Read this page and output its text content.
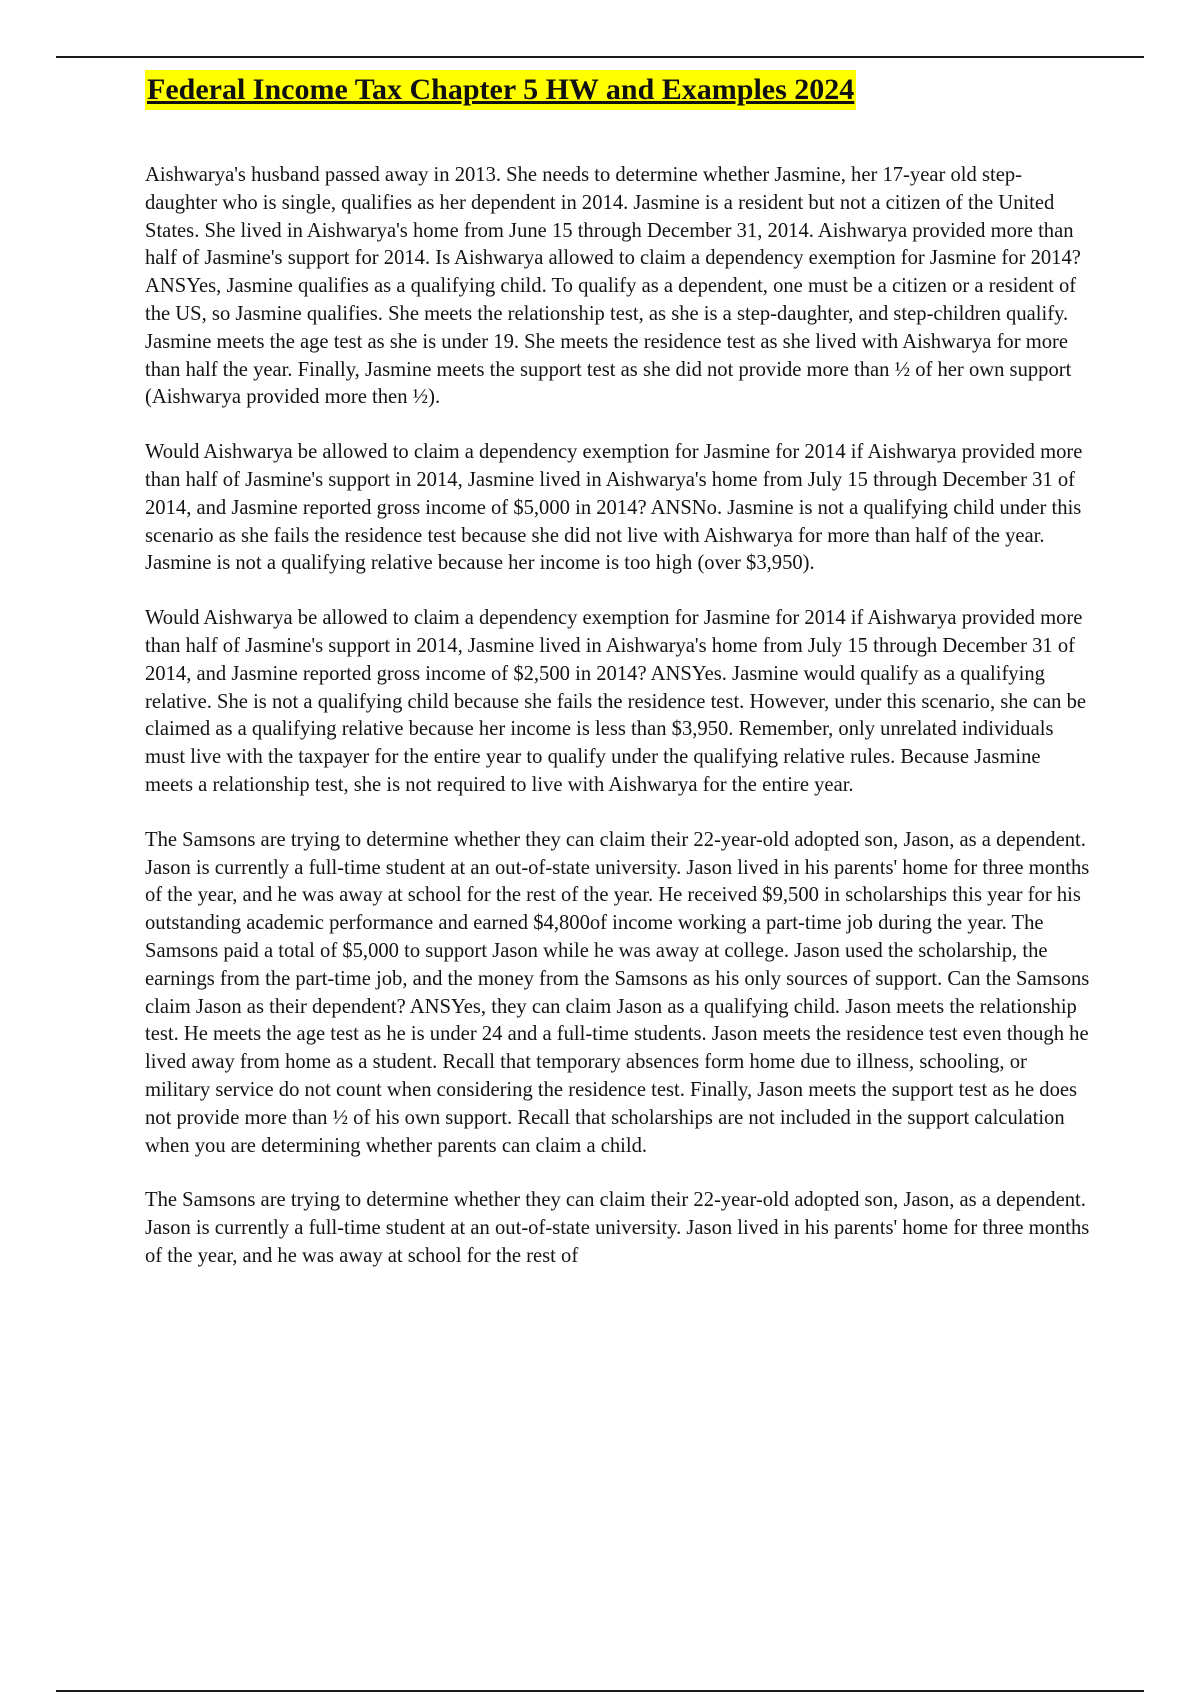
Federal Income Tax Chapter 5 HW and Examples 2024

Aishwarya's husband passed away in 2013. She needs to determine whether Jasmine, her 17-year old step-daughter who is single, qualifies as her dependent in 2014. Jasmine is a resident but not a citizen of the United States. She lived in Aishwarya's home from June 15 through December 31, 2014. Aishwarya provided more than half of Jasmine's support for 2014. Is Aishwarya allowed to claim a dependency exemption for Jasmine for 2014? ANSYes, Jasmine qualifies as a qualifying child. To qualify as a dependent, one must be a citizen or a resident of the US, so Jasmine qualifies. She meets the relationship test, as she is a step-daughter, and step-children qualify. Jasmine meets the age test as she is under 19. She meets the residence test as she lived with Aishwarya for more than half the year. Finally, Jasmine meets the support test as she did not provide more than ½ of her own support (Aishwarya provided more then ½).

Would Aishwarya be allowed to claim a dependency exemption for Jasmine for 2014 if Aishwarya provided more than half of Jasmine's support in 2014, Jasmine lived in Aishwarya's home from July 15 through December 31 of 2014, and Jasmine reported gross income of $5,000 in 2014? ANSNo. Jasmine is not a qualifying child under this scenario as she fails the residence test because she did not live with Aishwarya for more than half of the year. Jasmine is not a qualifying relative because her income is too high (over $3,950).

Would Aishwarya be allowed to claim a dependency exemption for Jasmine for 2014 if Aishwarya provided more than half of Jasmine's support in 2014, Jasmine lived in Aishwarya's home from July 15 through December 31 of 2014, and Jasmine reported gross income of $2,500 in 2014? ANSYes. Jasmine would qualify as a qualifying relative. She is not a qualifying child because she fails the residence test. However, under this scenario, she can be claimed as a qualifying relative because her income is less than $3,950. Remember, only unrelated individuals must live with the taxpayer for the entire year to qualify under the qualifying relative rules. Because Jasmine meets a relationship test, she is not required to live with Aishwarya for the entire year.

The Samsons are trying to determine whether they can claim their 22-year-old adopted son, Jason, as a dependent. Jason is currently a full-time student at an out-of-state university. Jason lived in his parents' home for three months of the year, and he was away at school for the rest of the year. He received $9,500 in scholarships this year for his outstanding academic performance and earned $4,800of income working a part-time job during the year. The Samsons paid a total of $5,000 to support Jason while he was away at college. Jason used the scholarship, the earnings from the part-time job, and the money from the Samsons as his only sources of support. Can the Samsons claim Jason as their dependent? ANSYes, they can claim Jason as a qualifying child. Jason meets the relationship test. He meets the age test as he is under 24 and a full-time students. Jason meets the residence test even though he lived away from home as a student. Recall that temporary absences form home due to illness, schooling, or military service do not count when considering the residence test. Finally, Jason meets the support test as he does not provide more than ½ of his own support. Recall that scholarships are not included in the support calculation when you are determining whether parents can claim a child.

The Samsons are trying to determine whether they can claim their 22-year-old adopted son, Jason, as a dependent. Jason is currently a full-time student at an out-of-state university. Jason lived in his parents' home for three months of the year, and he was away at school for the rest of
